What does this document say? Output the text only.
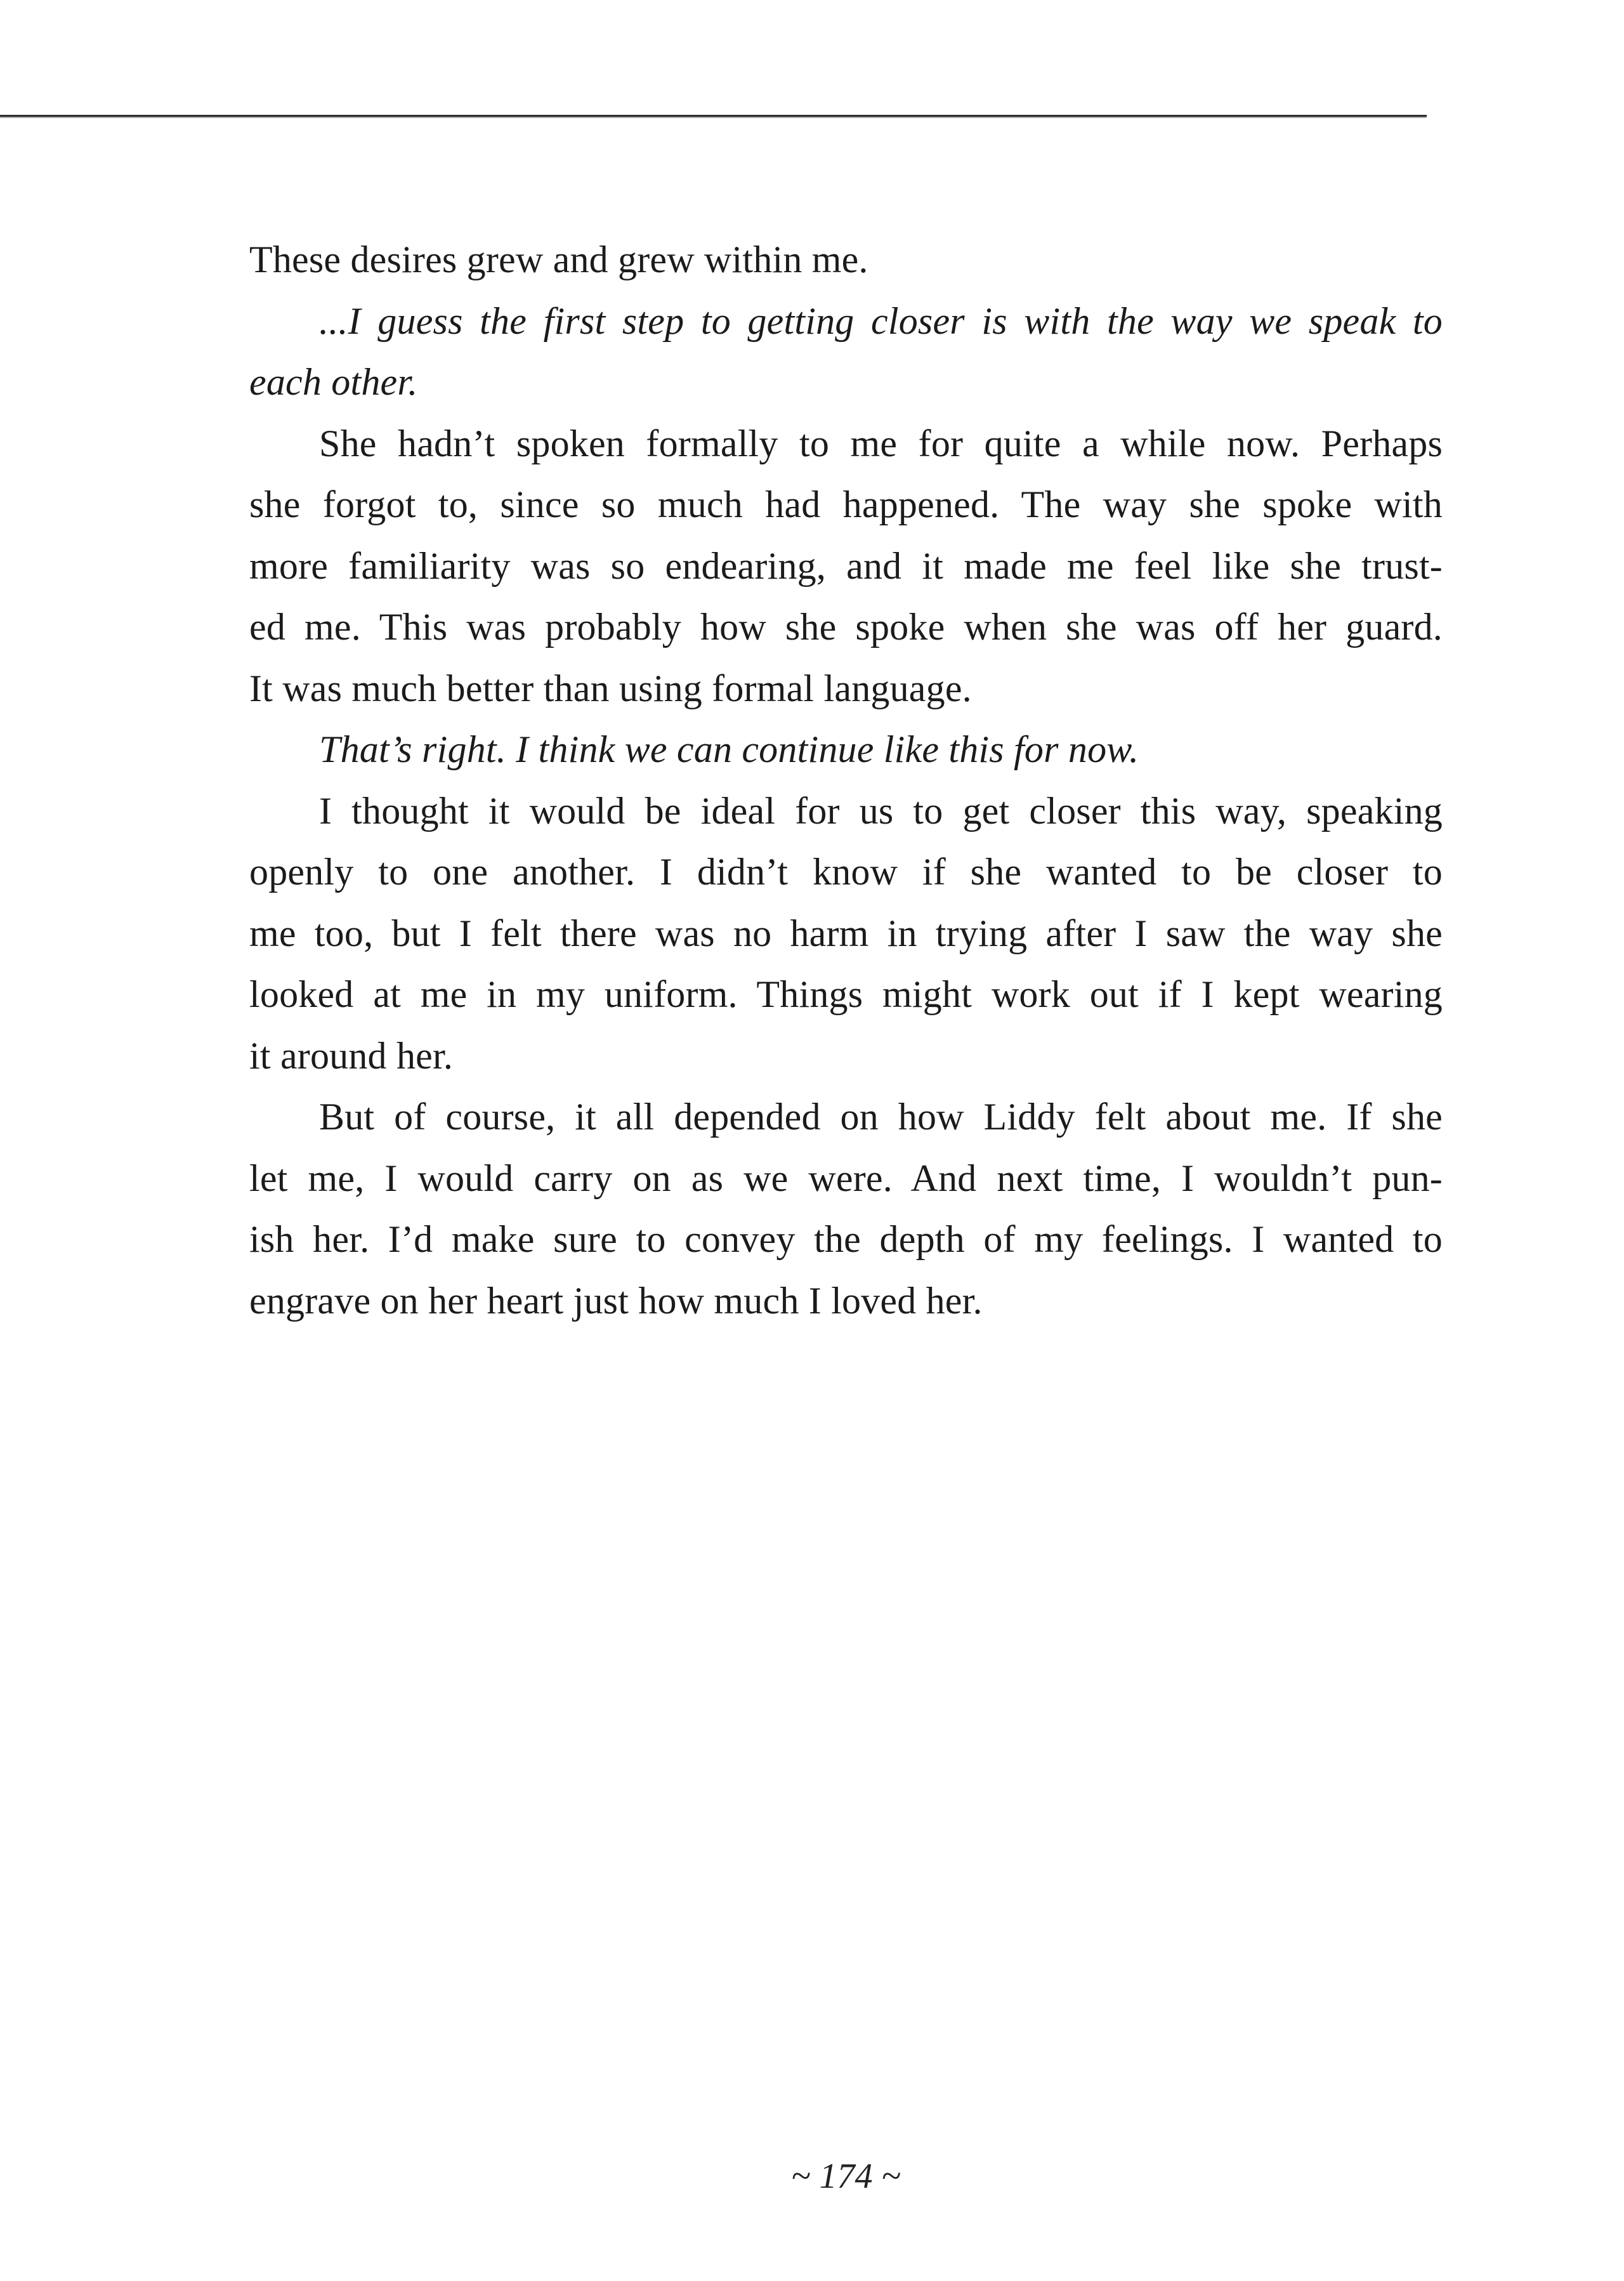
These desires grew and grew within me.
...I guess the first step to getting closer is with the way we speak to
each other.
She hadn’t spoken formally to me for quite a while now. Perhaps
she forgot to, since so much had happened. The way she spoke with
more familiarity was so endearing, and it made me feel like she trust-
ed me. This was probably how she spoke when she was off her guard.
It was much better than using formal language.
That’s right. I think we can continue like this for now.
I thought it would be ideal for us to get closer this way, speaking
openly to one another. I didn’t know if she wanted to be closer to
me too, but I felt there was no harm in trying after I saw the way she
looked at me in my uniform. Things might work out if I kept wearing
it around her.
But of course, it all depended on how Liddy felt about me. If she
let me, I would carry on as we were. And next time, I wouldn’t pun-
ish her. I’d make sure to convey the depth of my feelings. I wanted to
engrave on her heart just how much I loved her.
~ 174 ~
